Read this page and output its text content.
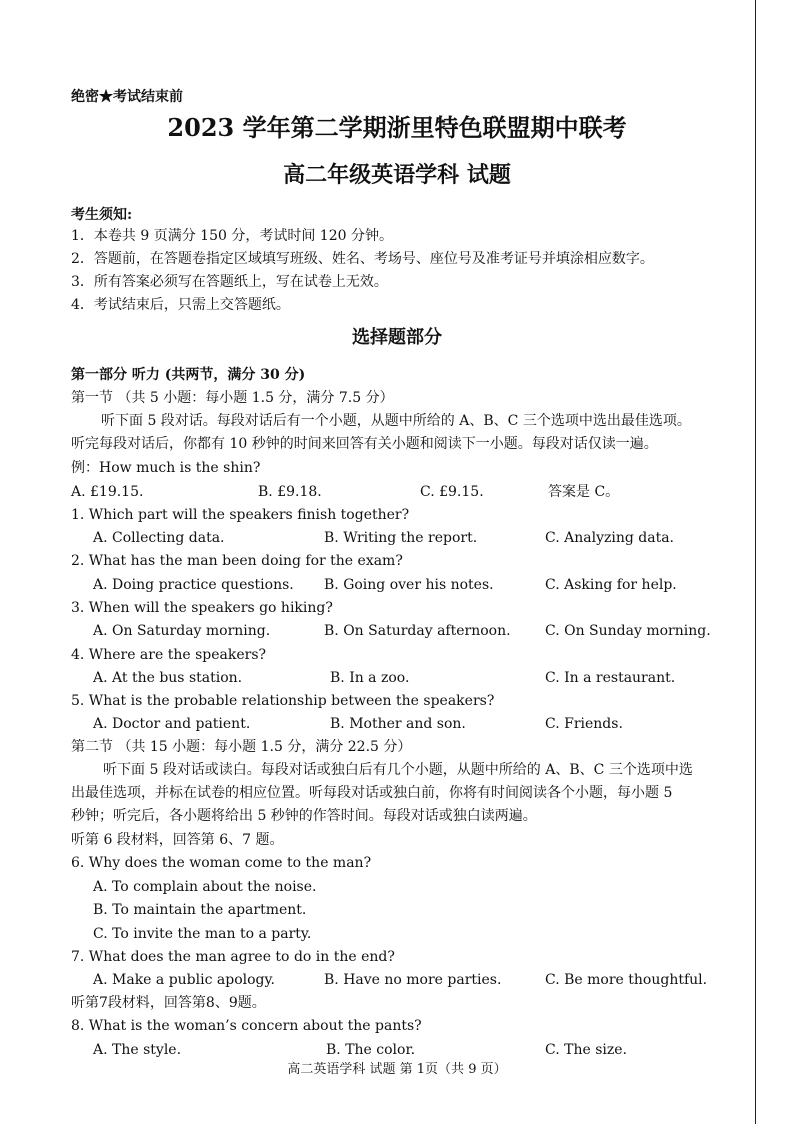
绝密★考试结束前
2023 学年第二学期浙里特色联盟期中联考
高二年级英语学科 试题
考生须知:
1．本卷共 9 页满分 150 分，考试时间 120 分钟。
2．答题前，在答题卷指定区域填写班级、姓名、考场号、座位号及准考证号并填涂相应数字。
3．所有答案必须写在答题纸上，写在试卷上无效。
4．考试结束后，只需上交答题纸。
选择题部分
第一部分 听力 (共两节，满分 30 分)
第一节 （共 5 小题：每小题 1.5 分，满分 7.5 分）
听下面 5 段对话。每段对话后有一个小题，从题中所给的 A、B、C 三个选项中选出最佳选项。
听完每段对话后，你都有 10 秒钟的时间来回答有关小题和阅读下一小题。每段对话仅读一遍。
例：How much is the shin?
A. £19.15.	B. £9.18.	C. £9.15.	答案是 C。
1. Which part will the speakers finish together?
A. Collecting data.	B. Writing the report.	C. Analyzing data.
2. What has the man been doing for the exam?
A. Doing practice questions. B. Going over his notes.	C. Asking for help.
3. When will the speakers go hiking?
A. On Saturday morning.	B. On Saturday afternoon. C. On Sunday morning.
4. Where are the speakers?
A. At the bus station.	B. In a zoo.	C. In a restaurant.
5. What is the probable relationship between the speakers?
A. Doctor and patient.	B. Mother and son.	C. Friends.
第二节 （共 15 小题：每小题 1.5 分，满分 22.5 分）
听下面 5 段对话或读白。每段对话或独白后有几个小题，从题中所给的 A、B、C 三个选项中选
出最佳选项，并标在试卷的相应位置。听每段对话或独白前，你将有时间阅读各个小题，每小题 5
秒钟；听完后，各小题将给出 5 秒钟的作答时间。每段对话或独白读两遍。
听第 6 段材料，回答第 6、7 题。
6. Why does the woman come to the man?
A. To complain about the noise.
B. To maintain the apartment.
C. To invite the man to a party.
7. What does the man agree to do in the end?
A. Make a public apology.	B. Have no more parties.	C. Be more thoughtful.
听第7段材料，回答第8、9题。
8. What is the woman’s concern about the pants?
A. The style.	B. The color.	C. The size.
高二英语学科 试题 第 1页（共 9 页）
